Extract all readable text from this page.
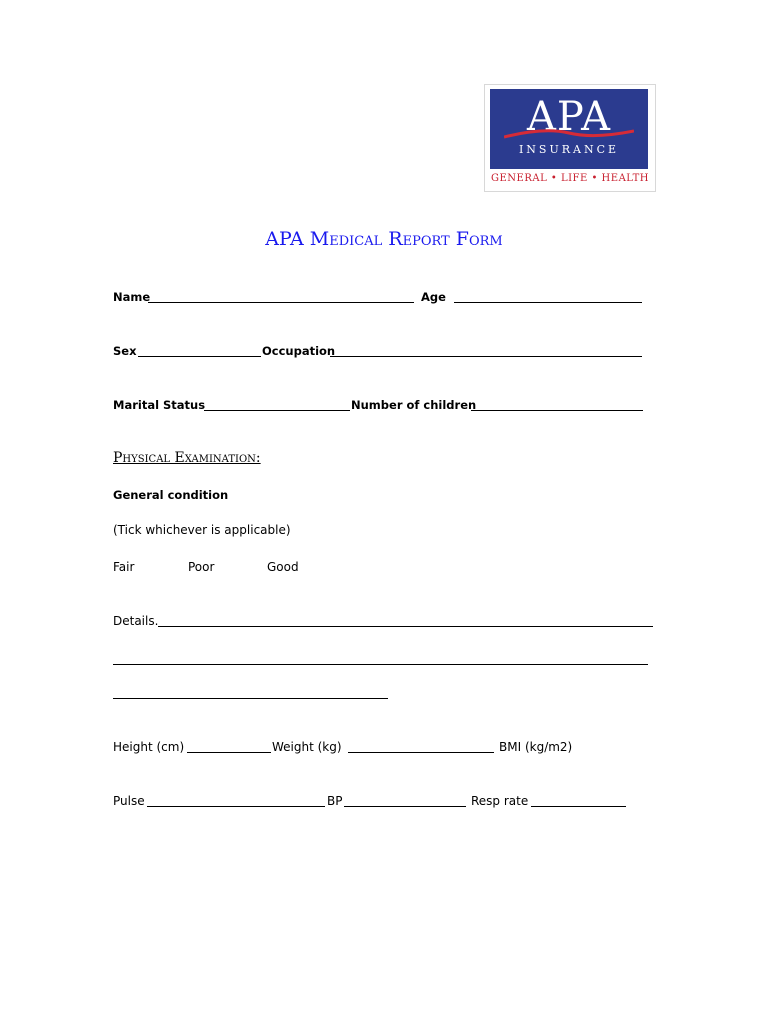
APA
INSURANCE
GENERAL • LIFE • HEALTH
APA Medical Report Form
Name	Age
Sex	Occupation
Marital Status	Number of children
Physical Examination:
General condition
(Tick whichever is applicable)
Fair	Poor	Good
Details.
Height (cm)	Weight (kg)	BMI (kg/m2)
Pulse	BP	Resp rate
